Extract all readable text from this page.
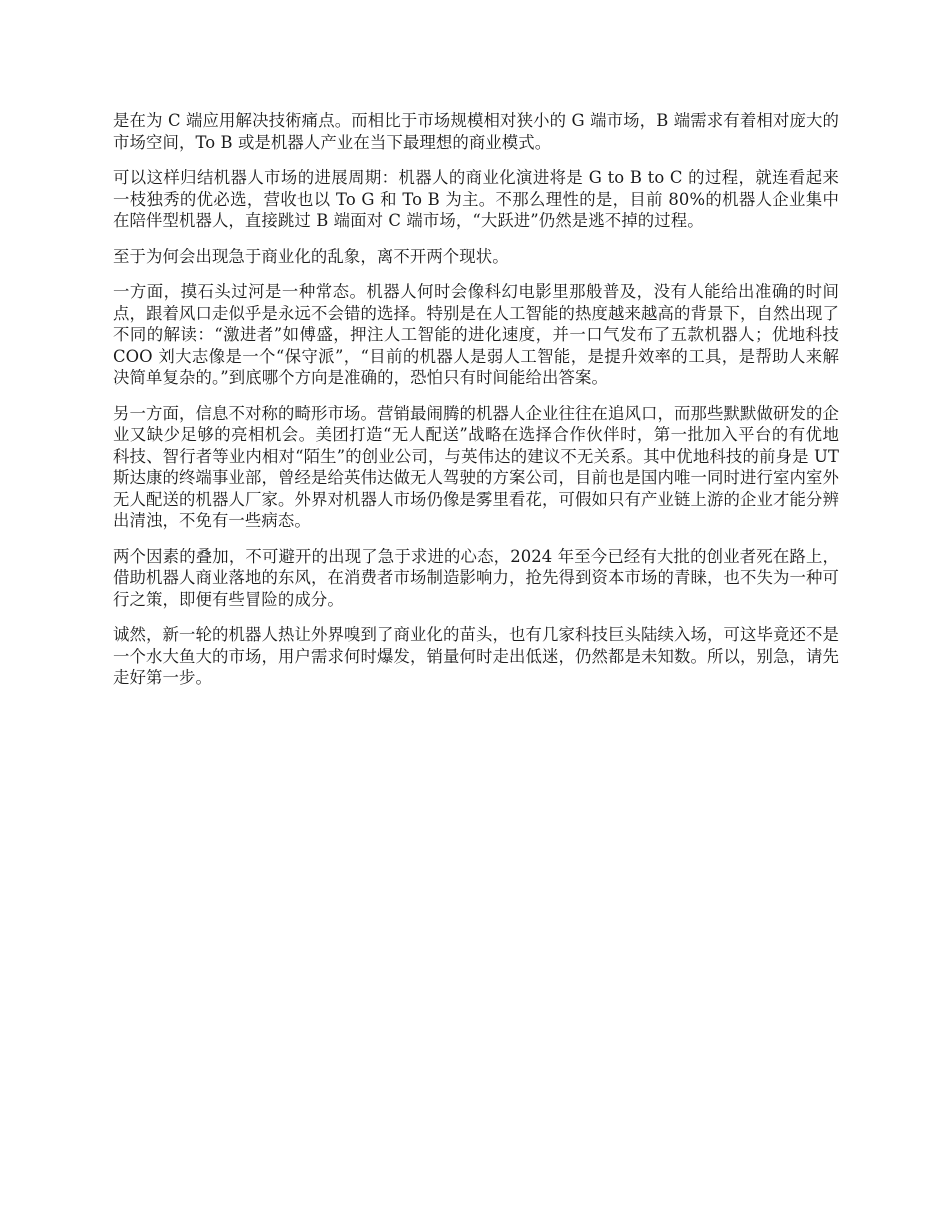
是在为 C 端应用解决技術痛点。而相比于市场规模相对狭小的 G 端市场，B 端需求有着相对庞大的市场空间，To B 或是机器人产业在当下最理想的商业模式。

可以这样归结机器人市场的进展周期：机器人的商业化演进将是 G to B to C 的过程，就连看起来一枝独秀的优必选，营收也以 To G 和 To B 为主。不那么理性的是，目前 80%的机器人企业集中在陪伴型机器人，直接跳过 B 端面对 C 端市场，“大跃进”仍然是逃不掉的过程。

至于为何会出现急于商业化的乱象，离不开两个现状。

一方面，摸石头过河是一种常态。机器人何时会像科幻电影里那般普及，没有人能给出准确的时间点，跟着风口走似乎是永远不会错的选择。特别是在人工智能的热度越来越高的背景下，自然出现了不同的解读：“激进者”如傅盛，押注人工智能的进化速度，并一口气发布了五款机器人；优地科技 COO 刘大志像是一个“保守派”，“目前的机器人是弱人工智能，是提升效率的工具，是帮助人来解决简单复杂的。”到底哪个方向是准确的，恐怕只有时间能给出答案。

另一方面，信息不对称的畸形市场。营销最闹腾的机器人企业往往在追风口，而那些默默做研发的企业又缺少足够的亮相机会。美团打造“无人配送”战略在选择合作伙伴时，第一批加入平台的有优地科技、智行者等业内相对“陌生”的创业公司，与英伟达的建议不无关系。其中优地科技的前身是 UT 斯达康的终端事业部，曾经是给英伟达做无人驾驶的方案公司，目前也是国内唯一同时进行室内室外无人配送的机器人厂家。外界对机器人市场仍像是雾里看花，可假如只有产业链上游的企业才能分辨出清浊，不免有一些病态。

两个因素的叠加，不可避开的出现了急于求进的心态，2024 年至今已经有大批的创业者死在路上，借助机器人商业落地的东风，在消费者市场制造影响力，抢先得到资本市场的青睐，也不失为一种可行之策，即便有些冒险的成分。

诚然，新一轮的机器人热让外界嗅到了商业化的苗头，也有几家科技巨头陆续入场，可这毕竟还不是一个水大鱼大的市场，用户需求何时爆发，销量何时走出低迷，仍然都是未知数。所以，别急，请先走好第一步。
